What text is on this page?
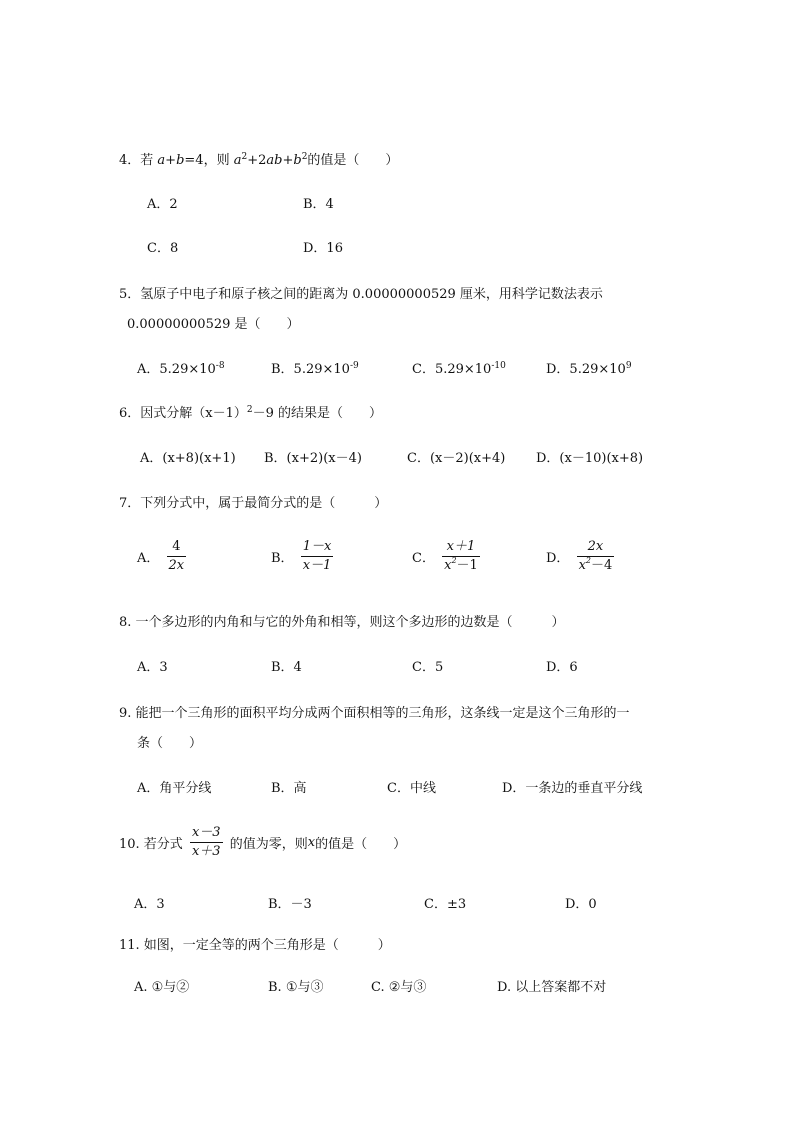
4．若 a+b=4，则 $a^2+2ab+b^2$的值是（　　）
A．2	B．4
C．8	D．16
5．氢原子中电子和原子核之间的距离为 0.00000000529 厘米，用科学记数法表示
0.00000000529 是（　　）
A．$5.29\times 10^{-8}$	B．$5.29\times 10^{-9}$	C．$5.29\times 10^{-10}$	D．$5.29\times 10^9$
6．因式分解$(x-1)^2-9$ 的结果是（　　）
A．(x+8)(x+1) B．(x+2)(x－4)	C．(x－2)(x+4) D．(x－10)(x+8)
7．下列分式中，属于最简分式的是（　　　）
A． $\frac{4}{2x}$	B． $\frac{1-x}{x-1}$	C． $\frac{x+1}{x^2-1}$	D． $\frac{2x}{x^2-4}$
8. 一个多边形的内角和与它的外角和相等，则这个多边形的边数是（　　　）
A．3	B．4	C．5	D．6
9. 能把一个三角形的面积平均分成两个面积相等的三角形，这条线一定是这个三角形的一
条（　　）
A．角平分线	B．高	C．中线	D．一条边的垂直平分线
10. 若分式 $\frac{x-3}{x+3}$ 的值为零，则x的值是（　　）
A．3	B．－3	C．±3	D．0
11. 如图，一定全等的两个三角形是（　　　）
A. ①与②	B. ①与③	C. ②与③	D. 以上答案都不对
